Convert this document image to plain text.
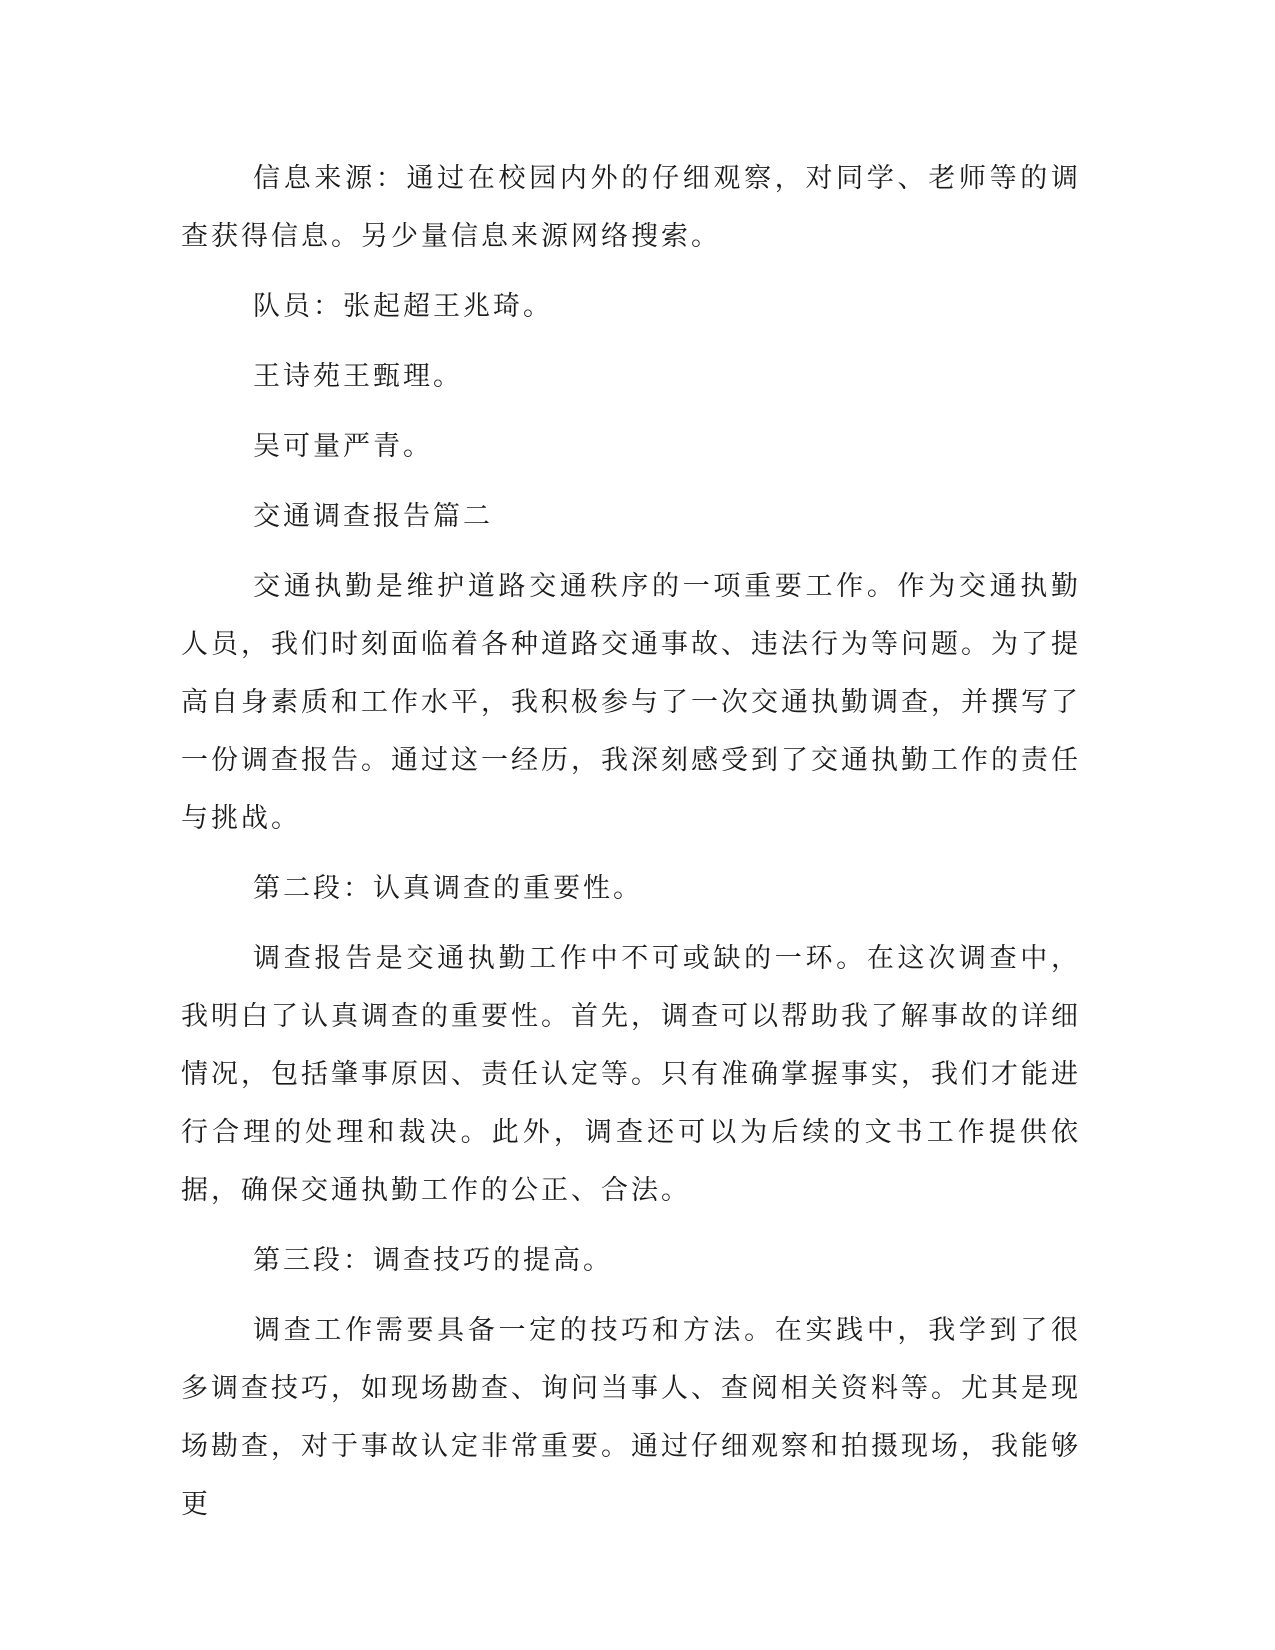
信息来源：通过在校园内外的仔细观察，对同学、老师等的调查获得信息。另少量信息来源网络搜索。

队员：张起超王兆琦。

王诗苑王甄理。

吴可量严青。

交通调查报告篇二

交通执勤是维护道路交通秩序的一项重要工作。作为交通执勤人员，我们时刻面临着各种道路交通事故、违法行为等问题。为了提高自身素质和工作水平，我积极参与了一次交通执勤调查，并撰写了一份调查报告。通过这一经历，我深刻感受到了交通执勤工作的责任与挑战。

第二段：认真调查的重要性。

调查报告是交通执勤工作中不可或缺的一环。在这次调查中，我明白了认真调查的重要性。首先，调查可以帮助我了解事故的详细情况，包括肇事原因、责任认定等。只有准确掌握事实，我们才能进行合理的处理和裁决。此外，调查还可以为后续的文书工作提供依据，确保交通执勤工作的公正、合法。

第三段：调查技巧的提高。

调查工作需要具备一定的技巧和方法。在实践中，我学到了很多调查技巧，如现场勘查、询问当事人、查阅相关资料等。尤其是现场勘查，对于事故认定非常重要。通过仔细观察和拍摄现场，我能够更
